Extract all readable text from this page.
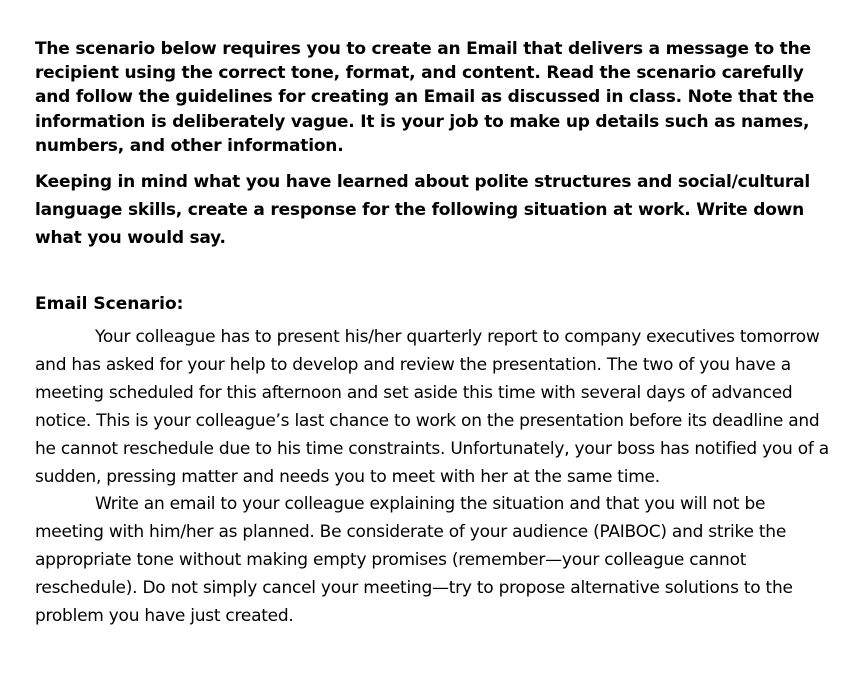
The scenario below requires you to create an Email that delivers a message to the recipient using the correct tone, format, and content. Read the scenario carefully and follow the guidelines for creating an Email as discussed in class. Note that the information is deliberately vague. It is your job to make up details such as names, numbers, and other information.

Keeping in mind what you have learned about polite structures and social/cultural language skills, create a response for the following situation at work. Write down what you would say.

Email Scenario:

Your colleague has to present his/her quarterly report to company executives tomorrow and has asked for your help to develop and review the presentation. The two of you have a meeting scheduled for this afternoon and set aside this time with several days of advanced notice. This is your colleague’s last chance to work on the presentation before its deadline and he cannot reschedule due to his time constraints. Unfortunately, your boss has notified you of a sudden, pressing matter and needs you to meet with her at the same time.

Write an email to your colleague explaining the situation and that you will not be meeting with him/her as planned. Be considerate of your audience (PAIBOC) and strike the appropriate tone without making empty promises (remember—your colleague cannot reschedule). Do not simply cancel your meeting—try to propose alternative solutions to the problem you have just created.
